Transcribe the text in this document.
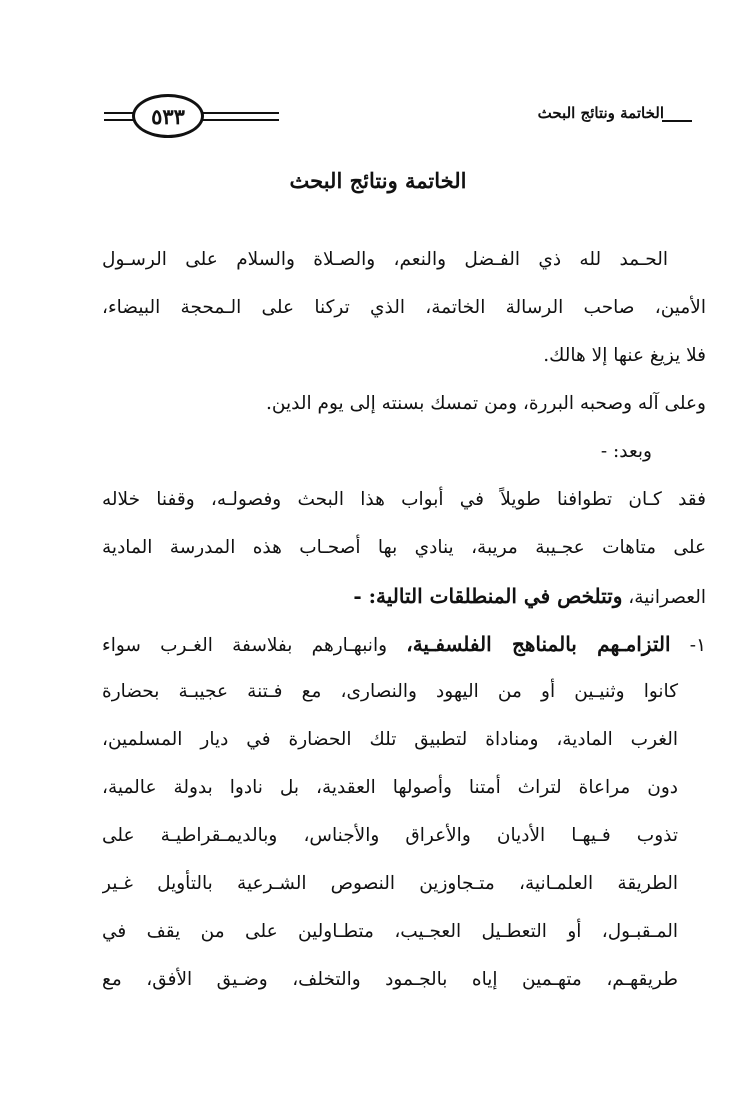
الخاتمة ونتائج البحث
٥٣٣
الخاتمة ونتائج البحث
الحـمد لله ذي الفـضل والنعم، والصـلاة والسلام على الرسـول
الأمين، صاحب الرسالة الخاتمة، الذي تركنا على الـمحجة البيضاء،
فلا يزيغ عنها إلا هالك.
وعلى آله وصحبه البررة، ومن تمسك بسنته إلى يوم الدين.
وبعد: -
فقد كـان تطوافنا طويلاً في أبواب هذا البحث وفصولـه، وقفنا خلاله
على متاهات عجـيبة مريبة، ينادي بها أصحـاب هذه المدرسة المادية
العصرانية، وتتلخص في المنطلقات التالية: -
١- التزامـهم بالمناهج الفلسفـية، وانبهـارهم بفلاسفة الغـرب سواء
كانوا وثنيـين أو من اليهود والنصارى، مع فـتنة عجيبـة بحضارة
الغرب المادية، ومناداة لتطبيق تلك الحضارة في ديار المسلمين،
دون مراعاة لتراث أمتنا وأصولها العقدية، بل نادوا بدولة عالمية،
تذوب فـيهـا الأديان والأعراق والأجناس، وبالديمـقراطيـة على
الطريقة العلمـانية، متـجاوزين النصوص الشـرعية بالتأويل غـير
المـقبـول، أو التعطـيل العجـيب، متطـاولين على من يقف في
طريقهـم، متهـمين إياه بالجـمود والتخلف، وضـيق الأفق، مع
